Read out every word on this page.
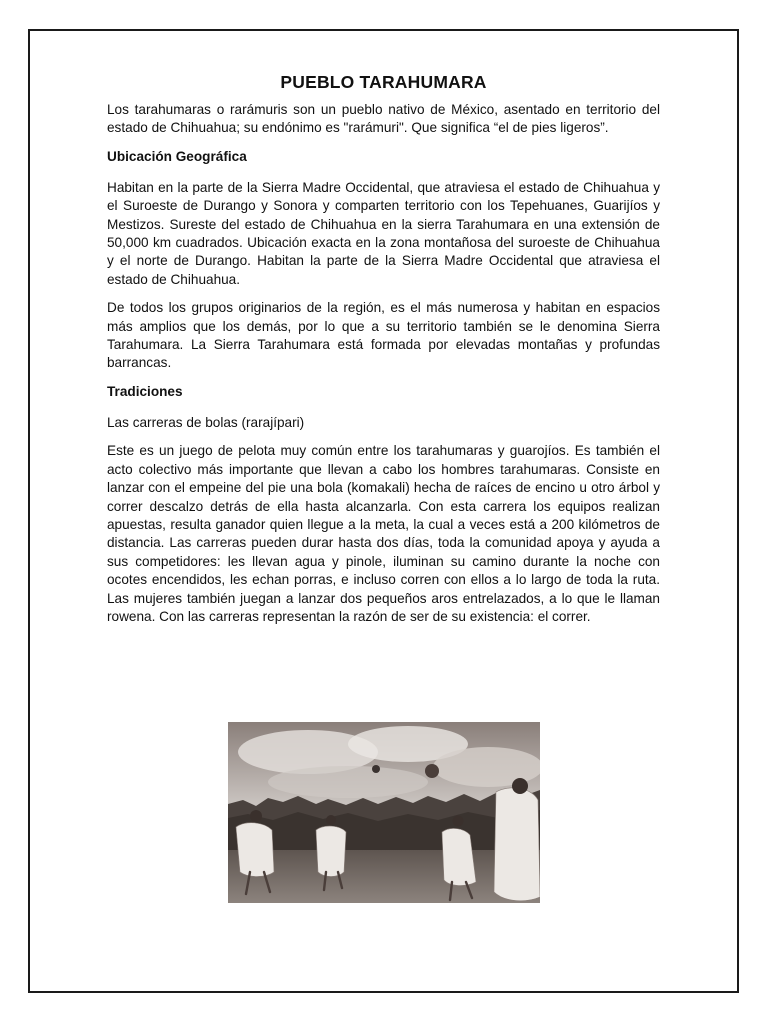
PUEBLO TARAHUMARA

Los tarahumaras o rarámuris son un pueblo nativo de México, asentado en territorio del estado de Chihuahua; su endónimo es "rarámuri". Que significa “el de pies ligeros”.

Ubicación Geográfica

Habitan en la parte de la Sierra Madre Occidental, que atraviesa el estado de Chihuahua y el Suroeste de Durango y Sonora y comparten territorio con los Tepehuanes, Guarijíos y Mestizos. Sureste del estado de Chihuahua en la sierra Tarahumara en una extensión de 50,000 km cuadrados. Ubicación exacta en la zona montañosa del suroeste de Chihuahua y el norte de Durango. Habitan la parte de la Sierra Madre Occidental que atraviesa el estado de Chihuahua.

De todos los grupos originarios de la región, es el más numerosa y habitan en espacios más amplios que los demás, por lo que a su territorio también se le denomina Sierra Tarahumara. La Sierra Tarahumara está formada por elevadas montañas y profundas barrancas.

Tradiciones

Las carreras de bolas (rarajípari)

Este es un juego de pelota muy común entre los tarahumaras y guarojíos. Es también el acto colectivo más importante que llevan a cabo los hombres tarahumaras. Consiste en lanzar con el empeine del pie una bola (komakali) hecha de raíces de encino u otro árbol y correr descalzo detrás de ella hasta alcanzarla. Con esta carrera los equipos realizan apuestas, resulta ganador quien llegue a la meta, la cual a veces está a 200 kilómetros de distancia. Las carreras pueden durar hasta dos días, toda la comunidad apoya y ayuda a sus competidores: les llevan agua y pinole, iluminan su camino durante la noche con ocotes encendidos, les echan porras, e incluso corren con ellos a lo largo de toda la ruta. Las mujeres también juegan a lanzar dos pequeños aros entrelazados, a lo que le llaman rowena. Con las carreras representan la razón de ser de su existencia: el correr.
